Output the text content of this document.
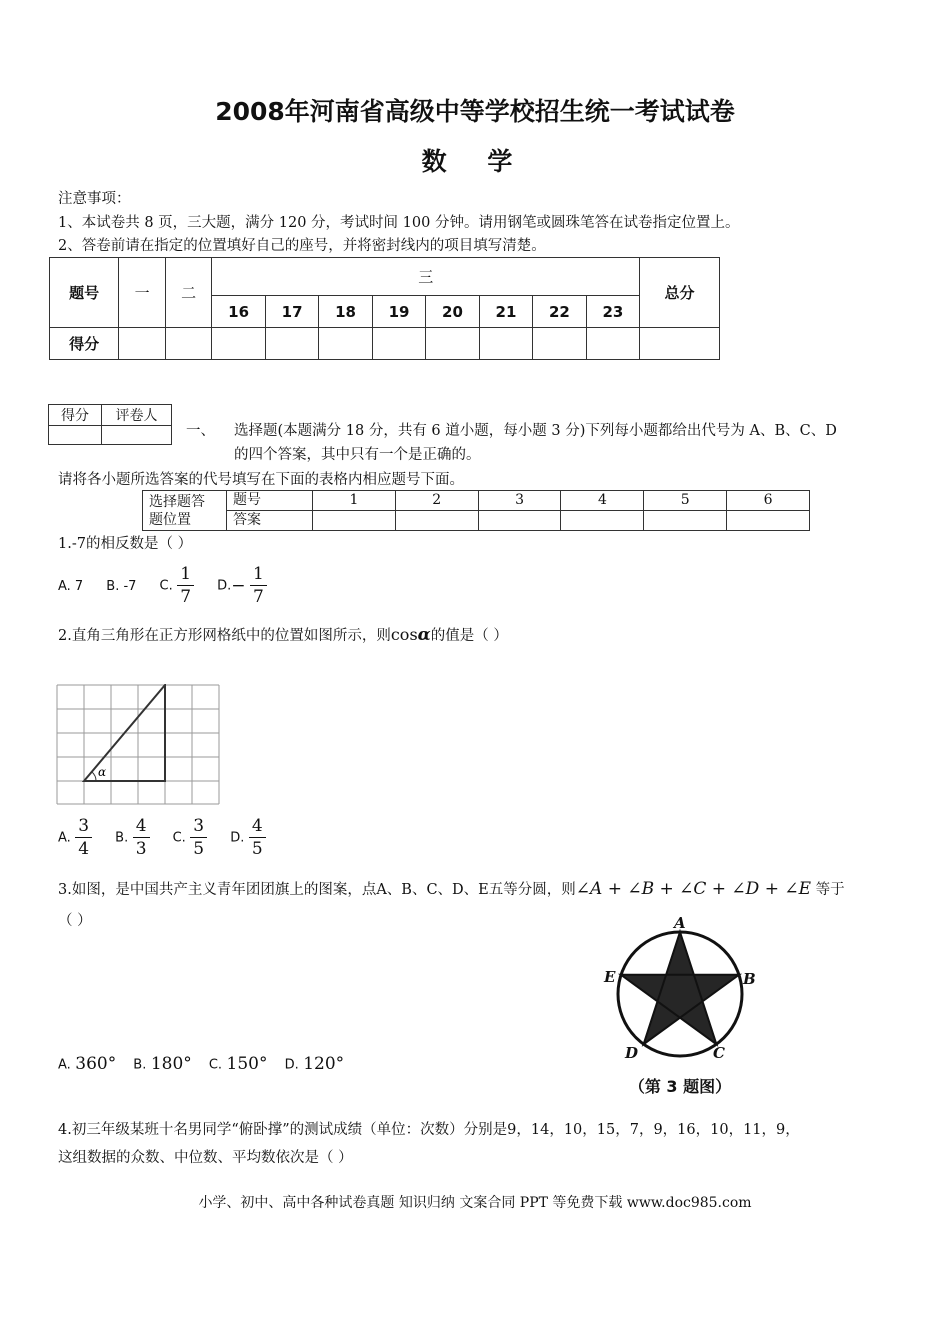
2008年河南省高级中等学校招生统一考试试卷
数 学
注意事项：
1、本试卷共 8 页，三大题，满分 120 分，考试时间 100 分钟。请用钢笔或圆珠笔答在试卷指定位置上。
2、答卷前请在指定的位置填好自己的座号，并将密封线内的项目填写清楚。
题号	一	二	三								总分
			16	17	18	19	20	21	22	23	
得分											
得分	评卷人

一、 选择题(本题满分 18 分，共有 6 道小题，每小题 3 分)下列每小题都给出代号为 A、B、C、D
的四个答案，其中只有一个是正确的。
请将各小题所选答案的代号填写在下面的表格内相应题号下面。
选择题答
题位置	题号	1	2	3	4	5	6
	答案						
1.-7的相反数是（ ）
A. 7 B. -7 C. $\frac{1}{7} D.- \frac{1}{7}$
2.直角三角形在正方形网格纸中的位置如图所示，则cosα的值是（ ）
α
A. $\frac{3}{4} B$. $\frac{4}{3} C$. $\frac{3}{5} D$. $\frac{4}{5}$
3.如图，是中国共产主义青年团团旗上的图案，点A、B、C、D、E五等分圆，则∠A + ∠B + ∠C + ∠D + ∠E 等于
（ ）	A
B
C
D
E
（第 3 题图）
A. 360° B. 180° C. 150° D. 120°
4.初三年级某班十名男同学“俯卧撑”的测试成绩（单位：次数）分别是9，14，10，15，7，9，16，10，11，9，
这组数据的众数、中位数、平均数依次是（ ）
小学、初中、高中各种试卷真题 知识归纳 文案合同 PPT 等免费下载 www.doc985.com
